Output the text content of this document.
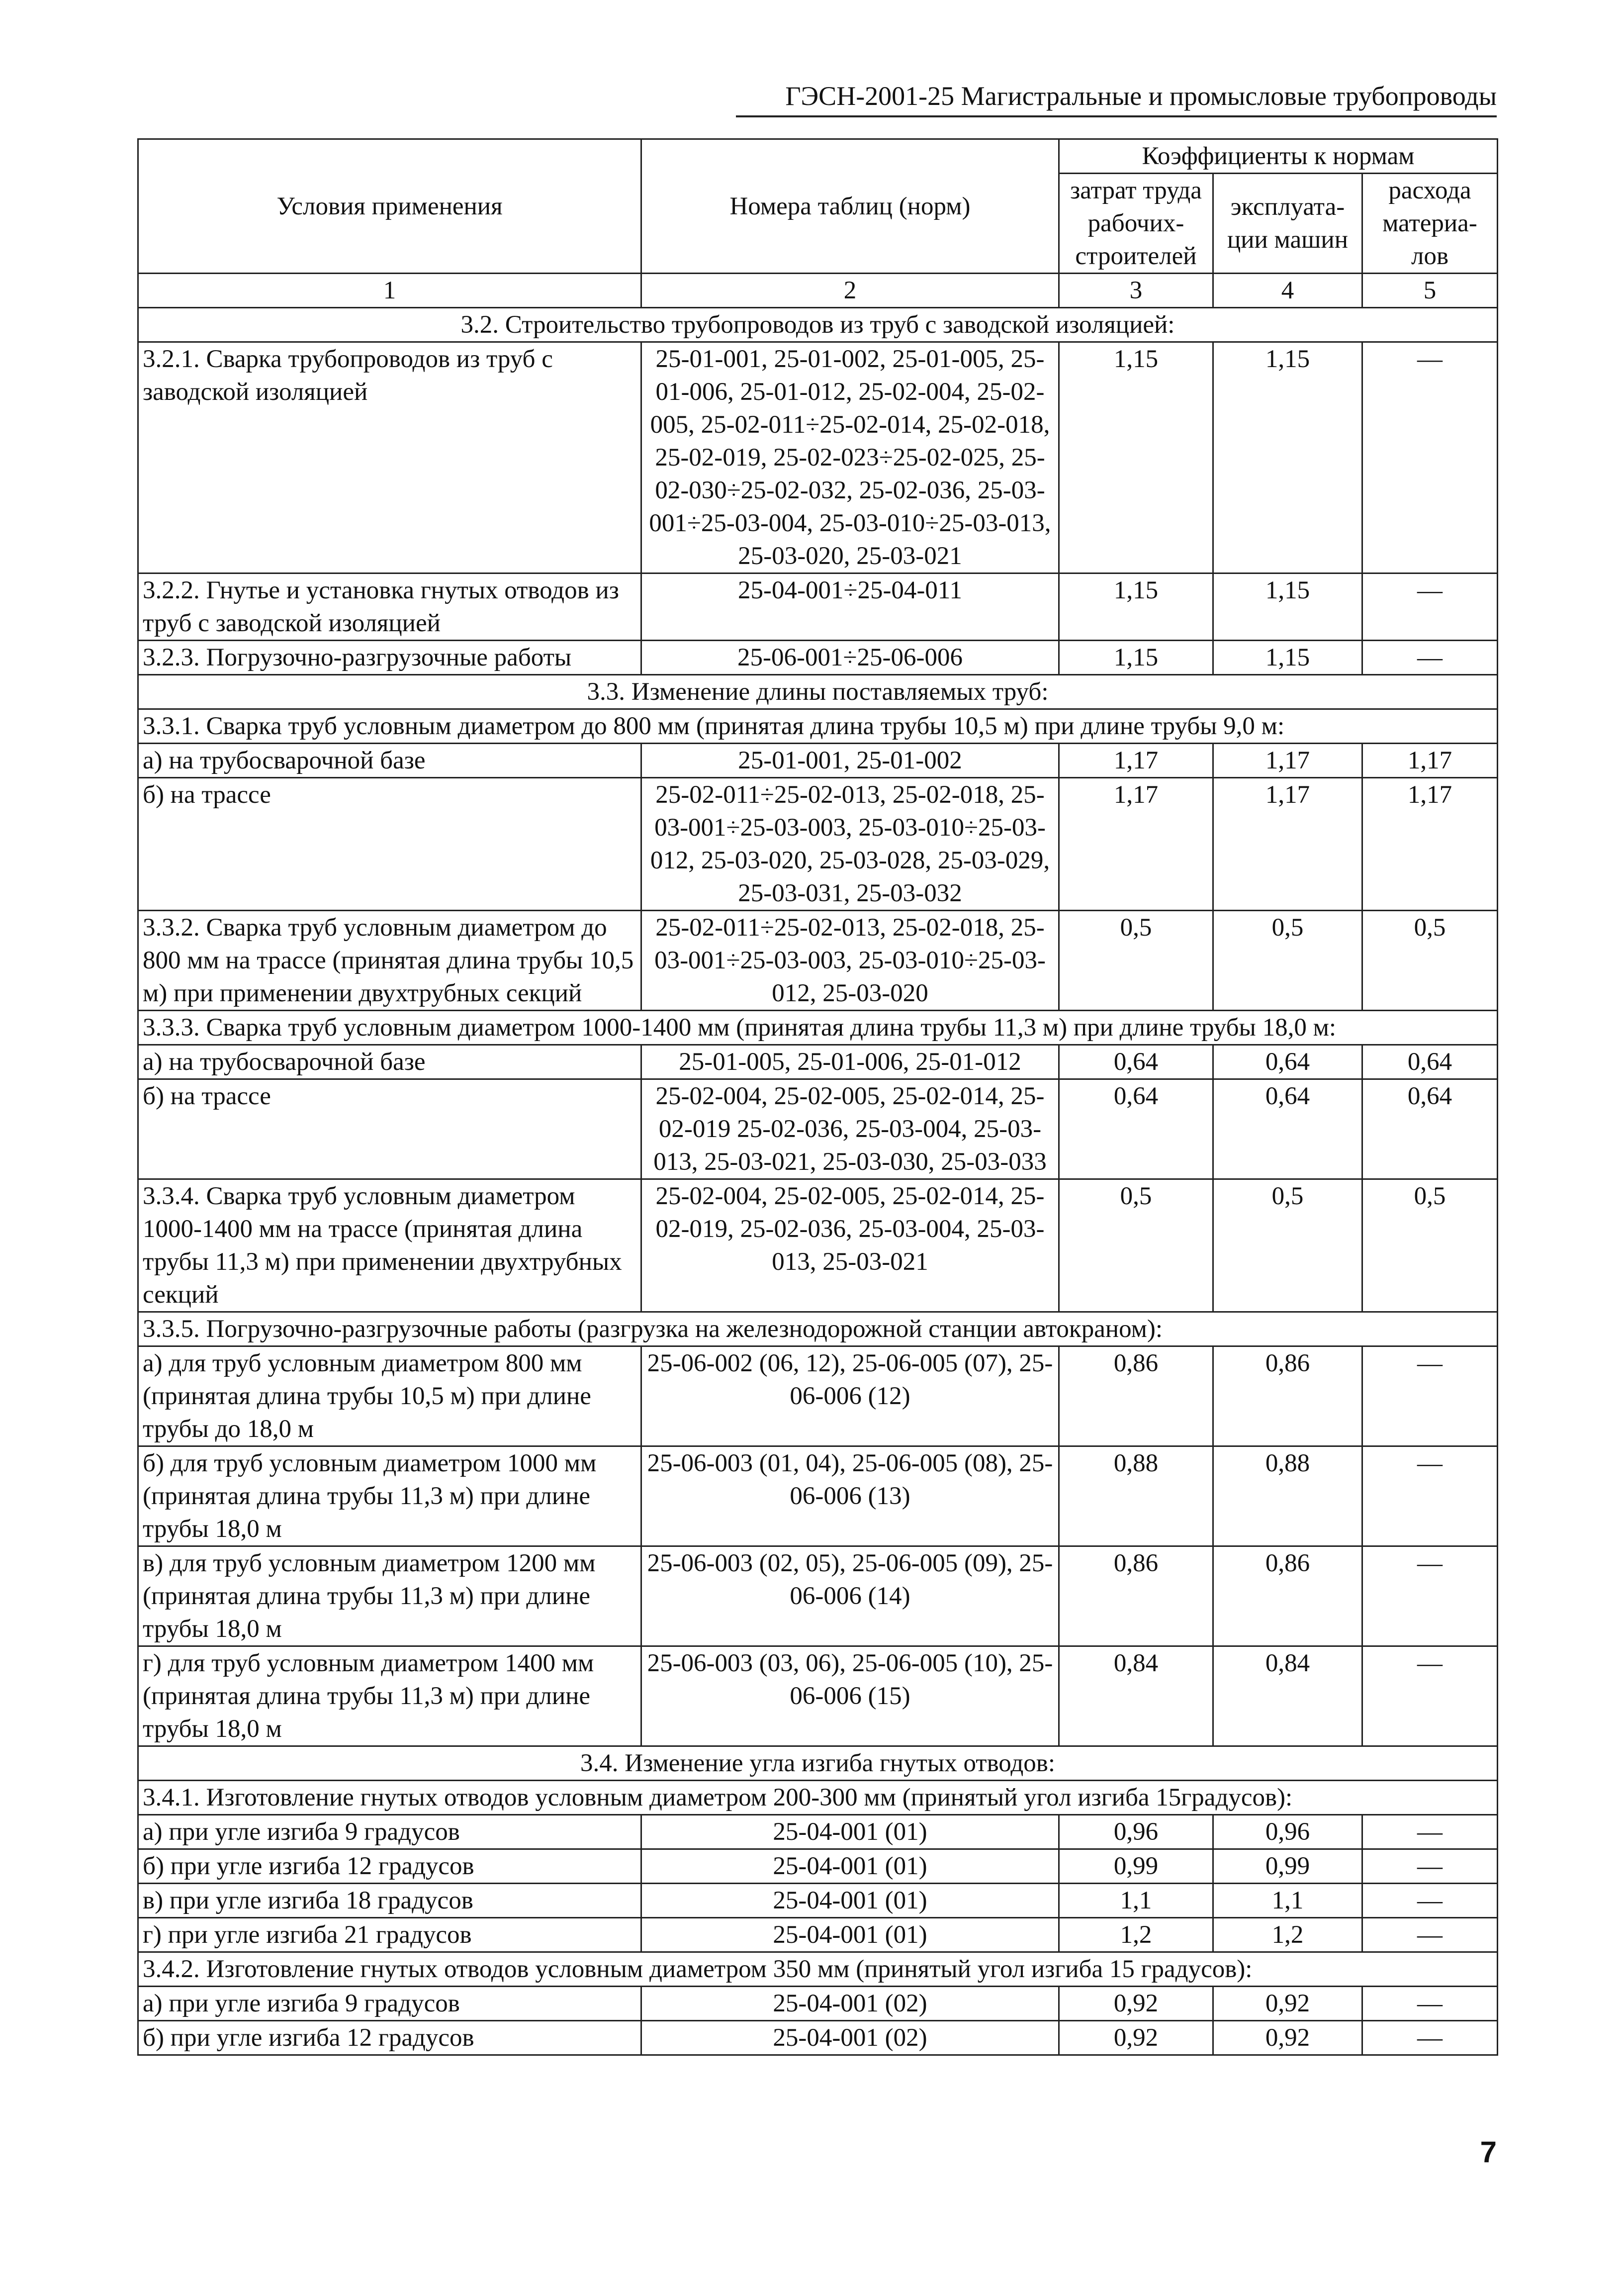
ГЭСН-2001-25 Магистральные и промысловые трубопроводы
Условия применения	Номера таблиц (норм)	Коэффициенты к нормам		
		затрат труда рабочих-строителей	эксплуата-ции машин	расхода материа-лов
1	2	3	4	5
3.2. Строительство трубопроводов из труб с заводской изоляцией:				
3.2.1. Сварка трубопроводов из труб с заводской изоляцией	25-01-001, 25-01-002, 25-01-005, 25-01-006, 25-01-012, 25-02-004, 25-02-005, 25-02-011÷25-02-014, 25-02-018, 25-02-019, 25-02-023÷25-02-025, 25-02-030÷25-02-032, 25-02-036, 25-03-001÷25-03-004, 25-03-010÷25-03-013, 25-03-020, 25-03-021	1,15	1,15	—
3.2.2. Гнутье и установка гнутых отводов из труб с заводской изоляцией	25-04-001÷25-04-011	1,15	1,15	—
3.2.3. Погрузочно-разгрузочные работы	25-06-001÷25-06-006	1,15	1,15	—
3.3. Изменение длины поставляемых труб:				
3.3.1. Сварка труб условным диаметром до 800 мм (принятая длина трубы 10,5 м) при длине трубы 9,0 м:				
а) на трубосварочной базе	25-01-001, 25-01-002	1,17	1,17	1,17
б) на трассе	25-02-011÷25-02-013, 25-02-018, 25-03-001÷25-03-003, 25-03-010÷25-03-012, 25-03-020, 25-03-028, 25-03-029, 25-03-031, 25-03-032	1,17	1,17	1,17
3.3.2. Сварка труб условным диаметром до 800 мм на трассе (принятая длина трубы 10,5 м) при применении двухтрубных секций	25-02-011÷25-02-013, 25-02-018, 25-03-001÷25-03-003, 25-03-010÷25-03-012, 25-03-020	0,5	0,5	0,5
3.3.3. Сварка труб условным диаметром 1000-1400 мм (принятая длина трубы 11,3 м) при длине трубы 18,0 м:				
а) на трубосварочной базе	25-01-005, 25-01-006, 25-01-012	0,64	0,64	0,64
б) на трассе	25-02-004, 25-02-005, 25-02-014, 25-02-019 25-02-036, 25-03-004, 25-03-013, 25-03-021, 25-03-030, 25-03-033	0,64	0,64	0,64
3.3.4. Сварка труб условным диаметром 1000-1400 мм на трассе (принятая длина трубы 11,3 м) при применении двухтрубных секций	25-02-004, 25-02-005, 25-02-014, 25-02-019, 25-02-036, 25-03-004, 25-03-013, 25-03-021	0,5	0,5	0,5
3.3.5. Погрузочно-разгрузочные работы (разгрузка на железнодорожной станции автокраном):				
а) для труб условным диаметром 800 мм (принятая длина трубы 10,5 м) при длине трубы до 18,0 м	25-06-002 (06, 12), 25-06-005 (07), 25-06-006 (12)	0,86	0,86	—
б) для труб условным диаметром 1000 мм (принятая длина трубы 11,3 м) при длине трубы 18,0 м	25-06-003 (01, 04), 25-06-005 (08), 25-06-006 (13)	0,88	0,88	—
в) для труб условным диаметром 1200 мм (принятая длина трубы 11,3 м) при длине трубы 18,0 м	25-06-003 (02, 05), 25-06-005 (09), 25-06-006 (14)	0,86	0,86	—
г) для труб условным диаметром 1400 мм (принятая длина трубы 11,3 м) при длине трубы 18,0 м	25-06-003 (03, 06), 25-06-005 (10), 25-06-006 (15)	0,84	0,84	—
3.4. Изменение угла изгиба гнутых отводов:				
3.4.1. Изготовление гнутых отводов условным диаметром 200-300 мм (принятый угол изгиба 15градусов):				
а) при угле изгиба 9 градусов	25-04-001 (01)	0,96	0,96	—
б) при угле изгиба 12 градусов	25-04-001 (01)	0,99	0,99	—
в) при угле изгиба 18 градусов	25-04-001 (01)	1,1	1,1	—
г) при угле изгиба 21 градусов	25-04-001 (01)	1,2	1,2	—
3.4.2. Изготовление гнутых отводов условным диаметром 350 мм (принятый угол изгиба 15 градусов):				
а) при угле изгиба 9 градусов	25-04-001 (02)	0,92	0,92	—
б) при угле изгиба 12 градусов	25-04-001 (02)	0,92	0,92	—
7
